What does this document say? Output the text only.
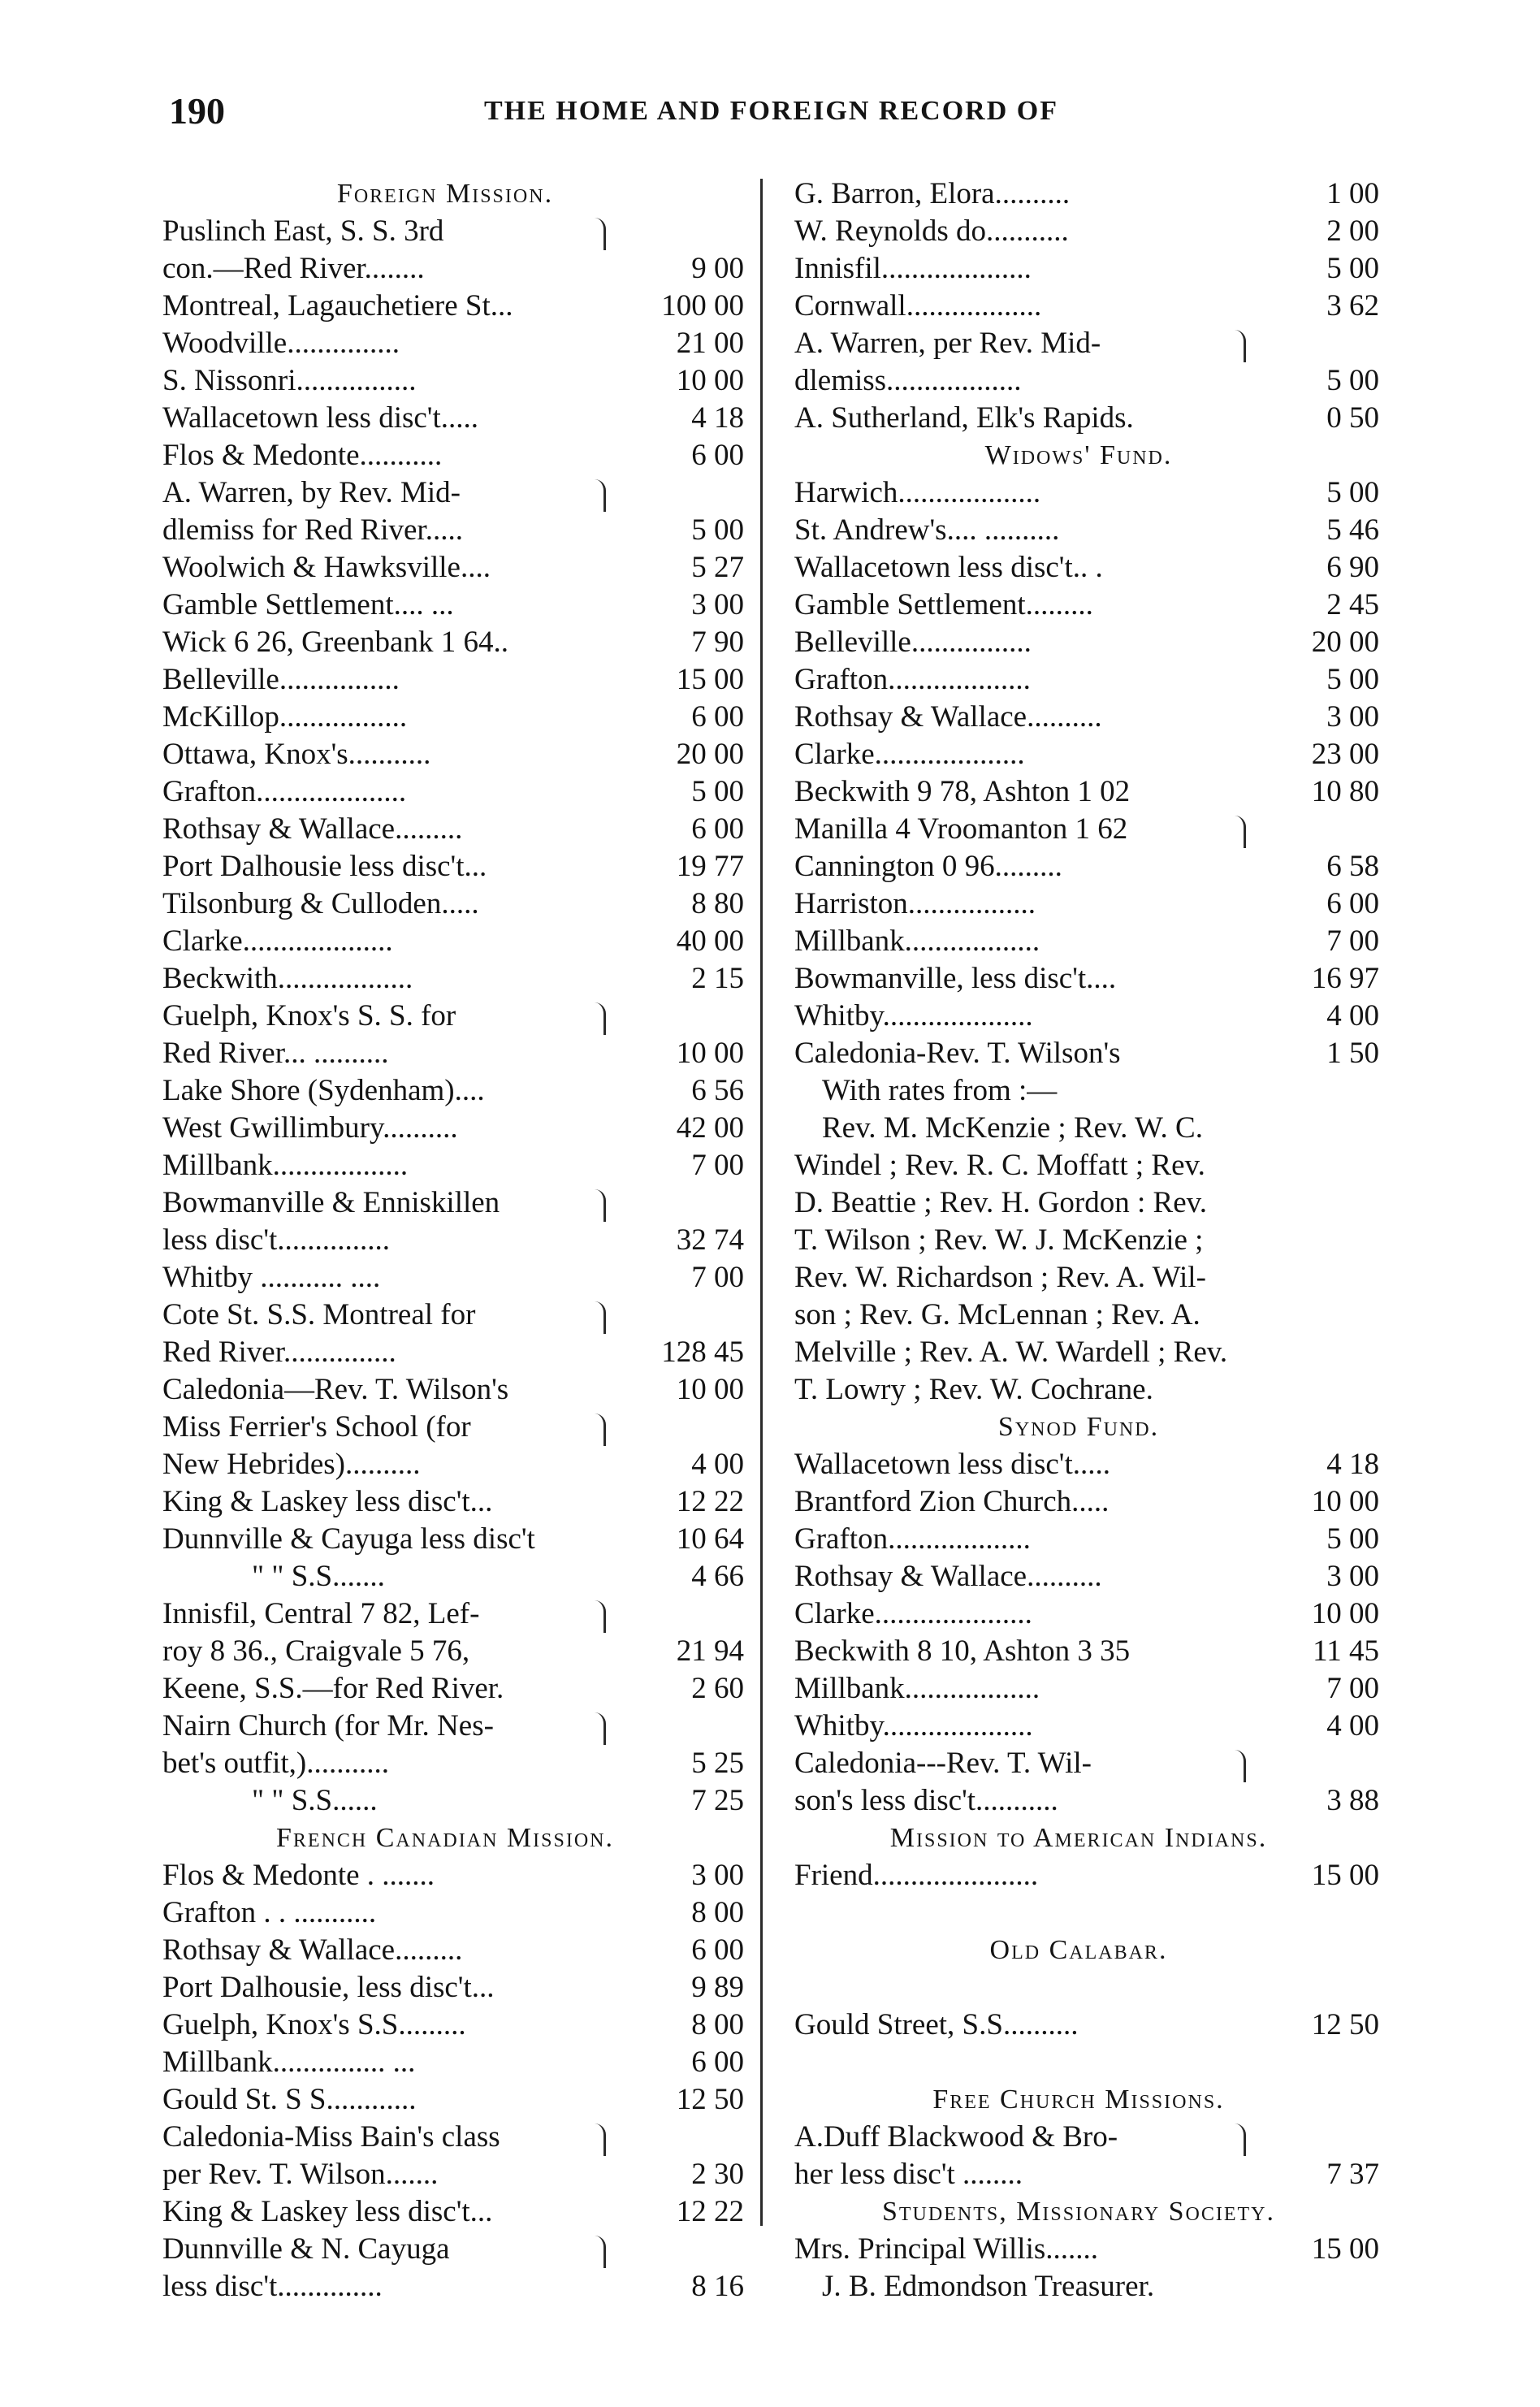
190	THE HOME AND FOREIGN RECORD OF
Foreign Mission.
Puslinch East, S. S. 3rd
con.—Red River........	9 00
Montreal, Lagauchetiere St...	100 00
Woodville...............	21 00
S. Nissonri................	10 00
Wallacetown less disc't.....	4 18
Flos & Medonte...........	6 00
A. Warren, by Rev. Mid-
dlemiss for Red River.....	5 00
Woolwich & Hawksville....	5 27
Gamble Settlement.... ...	3 00
Wick 6 26, Greenbank 1 64..	7 90
Belleville................	15 00
McKillop.................	6 00
Ottawa, Knox's...........	20 00
Grafton....................	5 00
Rothsay & Wallace.........	6 00
Port Dalhousie less disc't...	19 77
Tilsonburg & Culloden.....	8 80
Clarke....................	40 00
Beckwith..................	2 15
Guelph, Knox's S. S. for
Red River... ..........	10 00
Lake Shore (Sydenham)....	6 56
West Gwillimbury..........	42 00
Millbank..................	7 00
Bowmanville & Enniskillen
less disc't...............	32 74
Whitby ........... ....	7 00
Cote St. S.S. Montreal for
Red River...............	128 45
Caledonia—Rev. T. Wilson's	10 00
Miss Ferrier's School (for
New Hebrides)..........	4 00
King & Laskey less disc't...	12 22
Dunnville & Cayuga less disc't	10 64
" " S.S.......	4 66
Innisfil, Central 7 82, Lef-
roy 8 36., Craigvale 5 76,	21 94
Keene, S.S.—for Red River.	2 60
Nairn Church (for Mr. Nes-
bet's outfit,)...........	5 25
" " S.S......	7 25
French Canadian Mission.
Flos & Medonte . .......	3 00
Grafton . . ...........	8 00
Rothsay & Wallace.........	6 00
Port Dalhousie, less disc't...	9 89
Guelph, Knox's S.S.........	8 00
Millbank............... ...	6 00
Gould St. S S............	12 50
Caledonia-Miss Bain's class
per Rev. T. Wilson.......	2 30
King & Laskey less disc't...	12 22
Dunnville & N. Cayuga
less disc't..............	8 16
G. Barron, Elora..........	1 00
W. Reynolds do...........	2 00
Innisfil....................	5 00
Cornwall..................	3 62
A. Warren, per Rev. Mid-
dlemiss..................	5 00
A. Sutherland, Elk's Rapids.	0 50
Widows' Fund.
Harwich...................	5 00
St. Andrew's.... ..........	5 46
Wallacetown less disc't.. .	6 90
Gamble Settlement.........	2 45
Belleville................	20 00
Grafton...................	5 00
Rothsay & Wallace..........	3 00
Clarke....................	23 00
Beckwith 9 78, Ashton 1 02	10 80
Manilla 4 Vroomanton 1 62
Cannington 0 96.........	6 58
Harriston.................	6 00
Millbank..................	7 00
Bowmanville, less disc't....	16 97
Whitby....................	4 00
Caledonia-Rev. T. Wilson's	1 50
With rates from :—
Rev. M. McKenzie ; Rev. W. C.
Windel ; Rev. R. C. Moffatt ; Rev.
D. Beattie ; Rev. H. Gordon : Rev.
T. Wilson ; Rev. W. J. McKenzie ;
Rev. W. Richardson ; Rev. A. Wil-
son ; Rev. G. McLennan ; Rev. A.
Melville ; Rev. A. W. Wardell ; Rev.
T. Lowry ; Rev. W. Cochrane.
Synod Fund.
Wallacetown less disc't.....	4 18
Brantford Zion Church.....	10 00
Grafton...................	5 00
Rothsay & Wallace..........	3 00
Clarke.....................	10 00
Beckwith 8 10, Ashton 3 35	11 45
Millbank..................	7 00
Whitby....................	4 00
Caledonia---Rev. T. Wil-
son's less disc't...........	3 88
Mission to American Indians.
Friend......................	15 00
Old Calabar.
Gould Street, S.S..........	12 50
Free Church Missions.
A.Duff Blackwood & Bro-
her less disc't ........	7 37
Students, Missionary Society.
Mrs. Principal Willis.......	15 00
J. B. Edmondson Treasurer.
